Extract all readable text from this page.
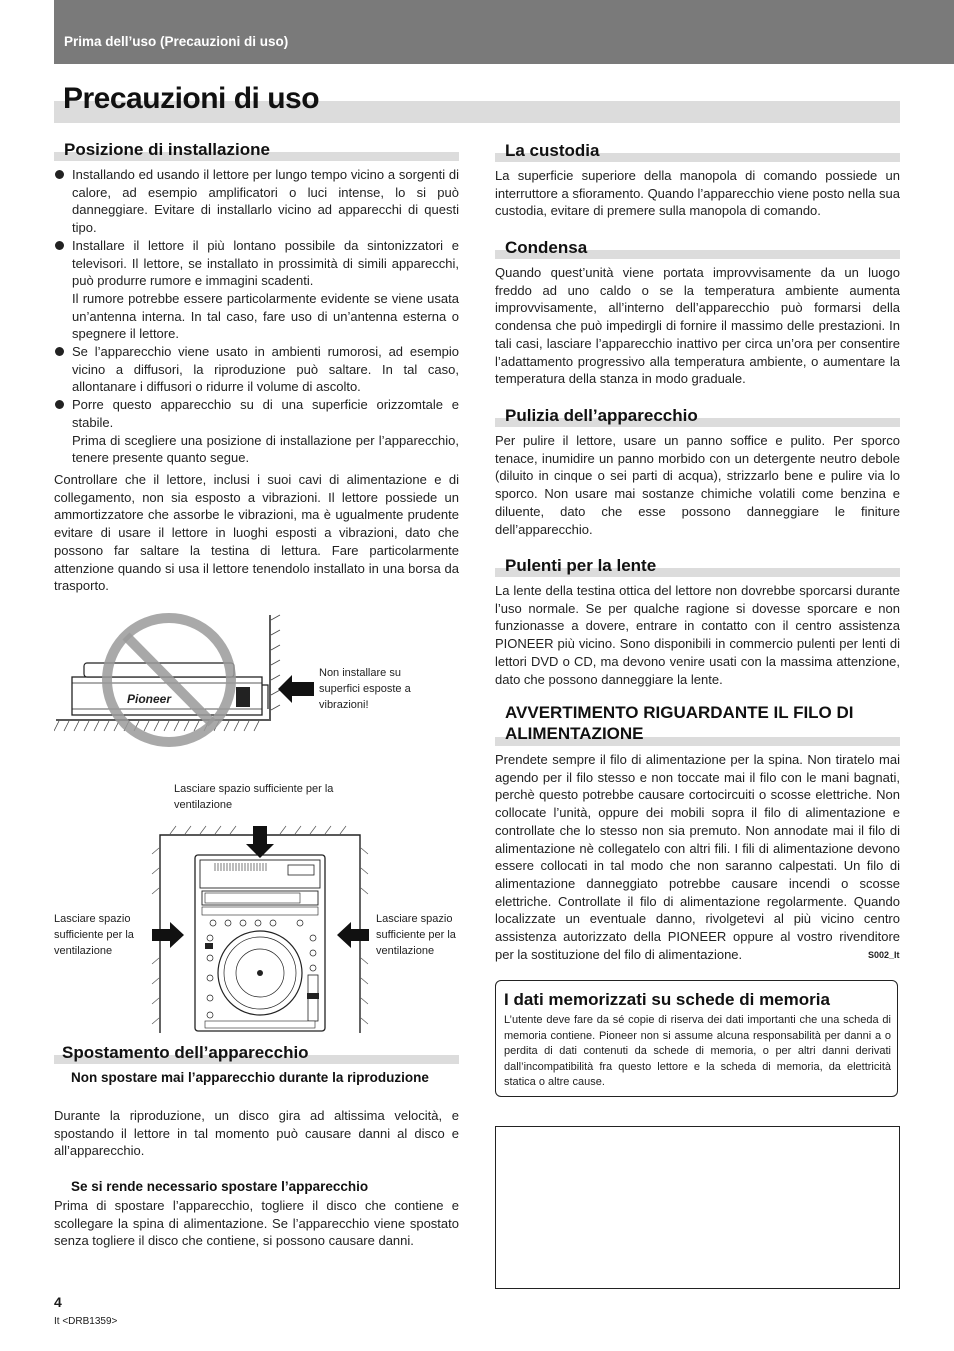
Prima dell’uso (Precauzioni di uso)
Precauzioni di uso
Posizione di installazione
Installando ed usando il lettore per lungo tempo vicino a sorgenti di calore, ad esempio amplificatori o luci intense, lo si può danneggiare. Evitare di installarlo vicino ad apparecchi di questi tipo.
Installare il lettore il più lontano possibile da sintonizzatori e televisori. Il lettore, se installato in prossimità di simili apparecchi, può produrre rumore e immagini scadenti.
Il rumore potrebbe essere particolarmente evidente se viene usata un’antenna interna. In tal caso, fare uso di un’antenna esterna o spegnere il lettore.
Se l’apparecchio viene usato in ambienti rumorosi, ad esempio vicino a diffusori, la riproduzione può saltare. In tal caso, allontanare i diffusori o ridurre il volume di ascolto.
Porre questo apparecchio su di una superficie orizzomtale e stabile.
Prima di scegliere una posizione di installazione per l’apparecchio, tenere presente quanto segue.

Controllare che il lettore, inclusi i suoi cavi di alimentazione e di collegamento, non sia esposto a vibrazioni. Il lettore possiede un ammortizzatore che assorbe le vibrazioni, ma è ugualmente prudente evitare di usare il lettore in luoghi esposti a vibrazioni, dato che possono far saltare la testina di lettura. Fare particolarmente attenzione quando si usa il lettore tenendolo installato in una borsa da trasporto.

Pioneer

Non installare su superfici esposte a vibrazioni!

Lasciare spazio sufficiente per la ventilazione

Lasciare spazio sufficiente per la ventilazione

Lasciare spazio sufficiente per la ventilazione

Spostamento dell’apparecchio

Non spostare mai l’apparecchio durante la riproduzione

Durante la riproduzione, un disco gira ad altissima velocità, e spostando il lettore in tal momento può causare danni al disco e all’apparecchio.

Se si rende necessario spostare l’apparecchio

Prima di spostare l’apparecchio, togliere il disco che contiene e scollegare la spina di alimentazione. Se l’apparecchio viene spostato senza togliere il disco che contiene, si possono causare danni.

La custodia

La superficie superiore della manopola di comando possiede un interruttore a sfioramento. Quando l’apparecchio viene posto nella sua custodia, evitare di premere sulla manopola di comando.

Condensa

Quando quest’unità viene portata improvvisamente da un luogo freddo ad uno caldo o se la temperatura ambiente aumenta improvvisamente, all’interno dell’apparecchio può formarsi della condensa che può impedirgli di fornire il massimo delle prestazioni. In tali casi, lasciare l’apparecchio inattivo per circa un’ora per consentire l’adattamento progressivo alla temperatura ambiente, o aumentare la temperatura della stanza in modo graduale.

Pulizia dell’apparecchio

Per pulire il lettore, usare un panno soffice e pulito. Per sporco tenace, inumidire un panno morbido con un detergente neutro debole (diluito in cinque o sei parti di acqua), strizzarlo bene e pulire via lo sporco. Non usare mai sostanze chimiche volatili come benzina e diluente, dato che esse possono danneggiare le finiture dell’apparecchio.

Pulenti per la lente

La lente della testina ottica del lettore non dovrebbe sporcarsi durante l’uso normale. Se per qualche ragione si dovesse sporcare e non funzionasse a dovere, entrare in contatto con il centro assistenza PIONEER più vicino. Sono disponibili in commercio pulenti per lenti di lettori DVD o CD, ma devono venire usati con la massima attenzione, dato che possono danneggiare la lente.

AVVERTIMENTO RIGUARDANTE IL FILO DI ALIMENTAZIONE

Prendete sempre il filo di alimentazione per la spina. Non tiratelo mai agendo per il filo stesso e non toccate mai il filo con le mani bagnati, perchè questo potrebbe causare cortocircuiti o scosse elettriche. Non collocate l’unità, oppure dei mobili sopra il filo di alimentazione e controllate che lo stesso non sia premuto. Non annodate mai il filo di alimentazione nè collegatelo con altri fili. I fili di alimentazione devono essere collocati in tal modo che non saranno calpestati. Un filo di alimentazione danneggiato potrebbe causare incendi o scosse elettriche. Controllate il filo di alimentazione regolarmente. Quando localizzate un eventuale danno, rivolgetevi al più vicino centro assistenza autorizzato della PIONEER oppure al vostro rivenditore per la sostituzione del filo di alimentazione.	S002_It
I dati memorizzati su schede di memoria

L’utente deve fare da sé copie di riserva dei dati importanti che una scheda di memoria contiene. Pioneer non si assume alcuna responsabilità per danni a o perdita di dati contenuti da schede di memoria, o per altri danni derivati dall’incompatibilità fra questo lettore e la scheda di memoria, da elettricità statica o altre cause.

4
It <DRB1359>
